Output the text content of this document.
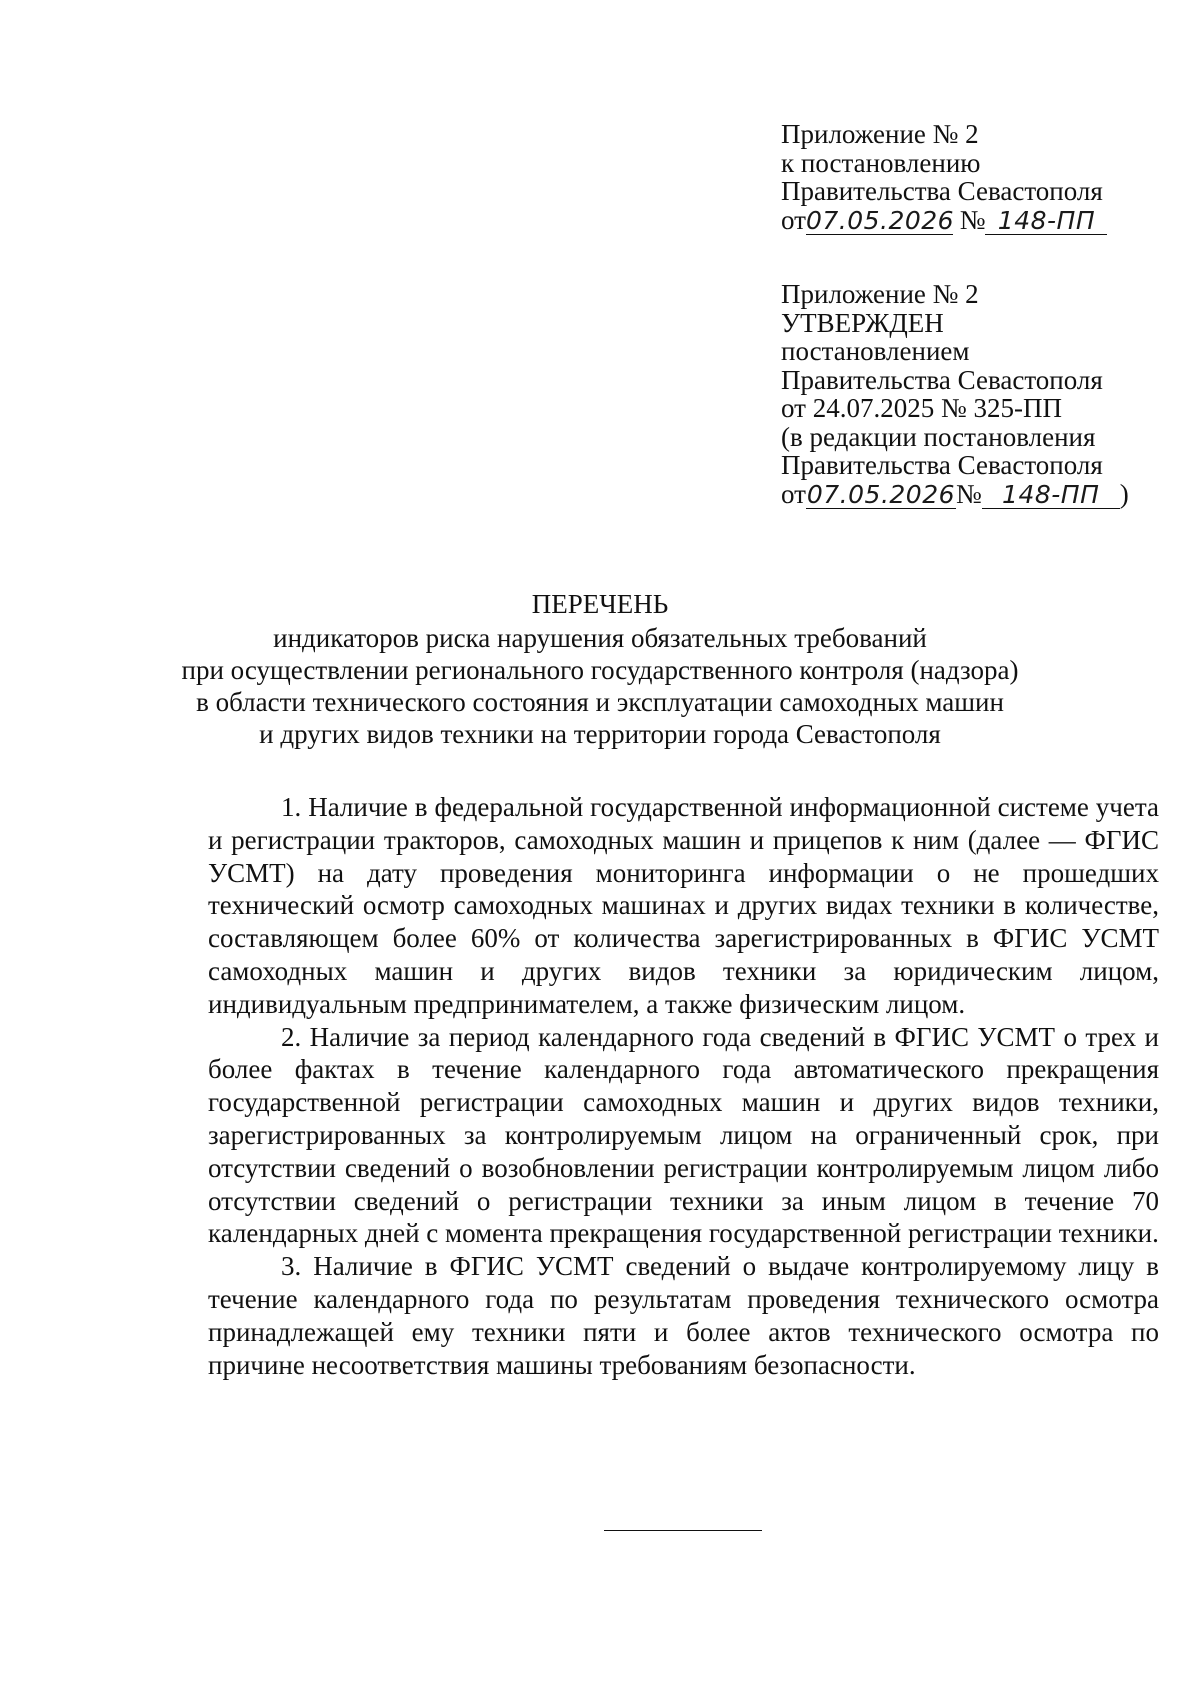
Приложение № 2
к постановлению
Правительства Севастополя
от07.05.2026 № 148-ПП
Приложение № 2
УТВЕРЖДЕН
постановлением
Правительства Севастополя
от 24.07.2025 № 325-ПП
(в редакции постановления
Правительства Севастополя
от07.05.2026№ 148-ПП )
ПЕРЕЧЕНЬ
индикаторов риска нарушения обязательных требований
при осуществлении регионального государственного контроля (надзора)
в области технического состояния и эксплуатации самоходных машин
и других видов техники на территории города Севастополя

1. Наличие в федеральной государственной информационной системе учета и регистрации тракторов, самоходных машин и прицепов к ним (далее — ФГИС УСМТ) на дату проведения мониторинга информации о не прошедших технический осмотр самоходных машинах и других видах техники в количестве, составляющем более 60% от количества зарегистрированных в ФГИС УСМТ самоходных машин и других видов техники за юридическим лицом, индивидуальным предпринимателем, а также физическим лицом.

2. Наличие за период календарного года сведений в ФГИС УСМТ о трех и более фактах в течение календарного года автоматического прекращения государственной регистрации самоходных машин и других видов техники, зарегистрированных за контролируемым лицом на ограниченный срок, при отсутствии сведений о возобновлении регистрации контролируемым лицом либо отсутствии сведений о регистрации техники за иным лицом в течение 70 календарных дней с момента прекращения государственной регистрации техники.

3. Наличие в ФГИС УСМТ сведений о выдаче контролируемому лицу в течение календарного года по результатам проведения технического осмотра принадлежащей ему техники пяти и более актов технического осмотра по причине несоответствия машины требованиям безопасности.
